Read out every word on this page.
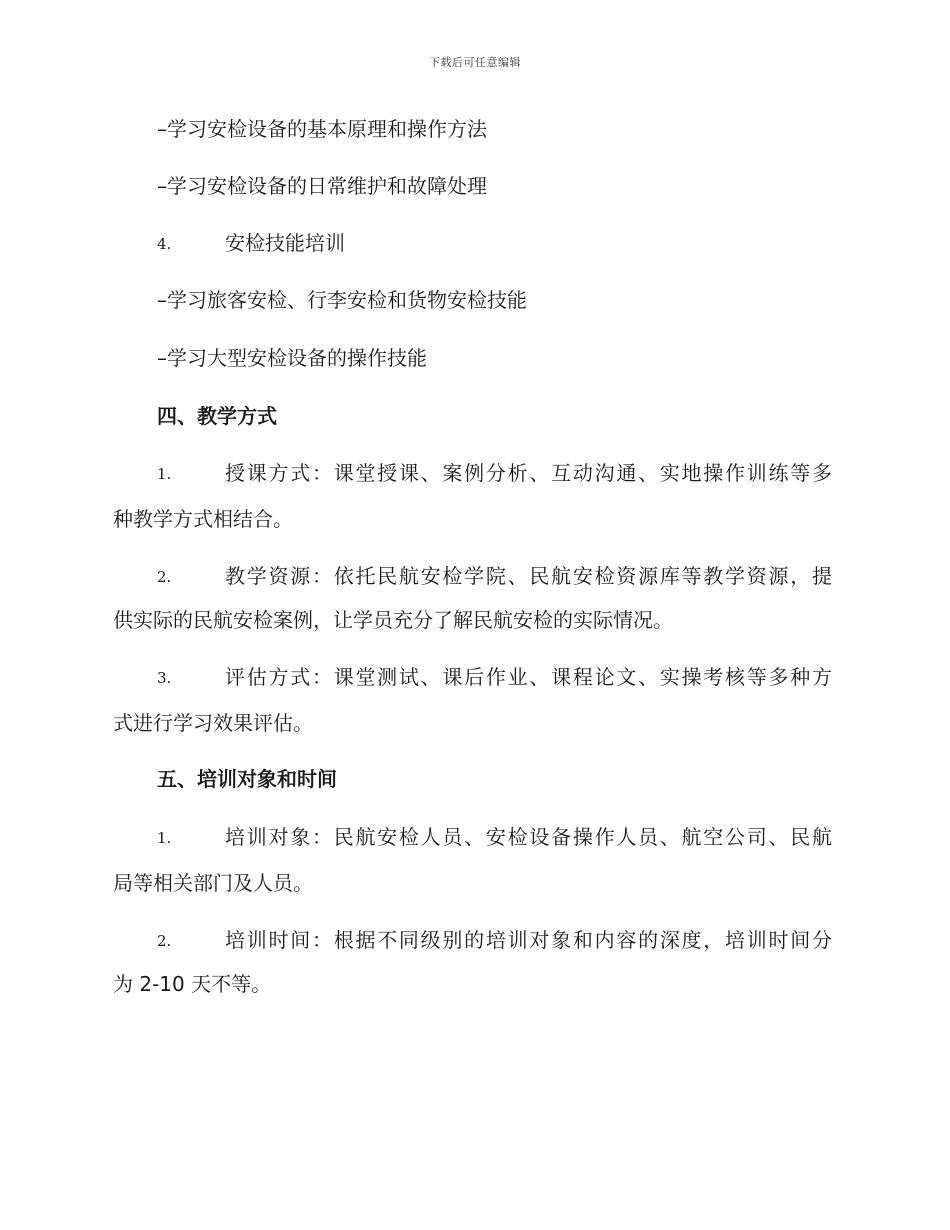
下载后可任意编辑
–学习安检设备的基本原理和操作方法
–学习安检设备的日常维护和故障处理
4.	安检技能培训
–学习旅客安检、行李安检和货物安检技能
–学习大型安检设备的操作技能
四、教学方式
1.	授课方式：课堂授课、案例分析、互动沟通、实地操作训练等多
种教学方式相结合。
2.	教学资源：依托民航安检学院、民航安检资源库等教学资源，提
供实际的民航安检案例，让学员充分了解民航安检的实际情况。
3.	评估方式：课堂测试、课后作业、课程论文、实操考核等多种方
式进行学习效果评估。
五、培训对象和时间
1.	培训对象：民航安检人员、安检设备操作人员、航空公司、民航
局等相关部门及人员。
2.	培训时间：根据不同级别的培训对象和内容的深度，培训时间分
为 2-10 天不等。
